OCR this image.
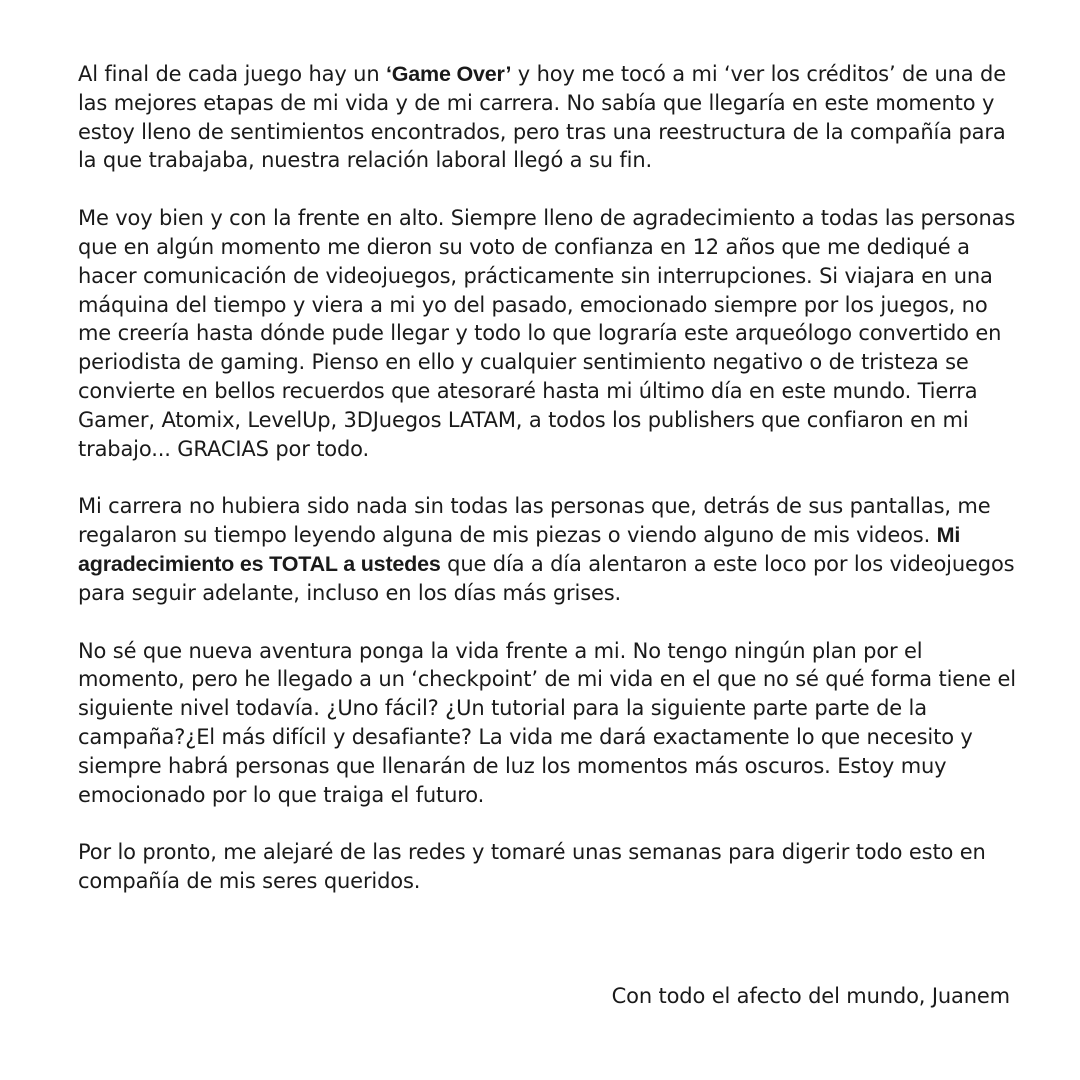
Al final de cada juego hay un ‘Game Over’ y hoy me tocó a mi ‘ver los créditos’ de una de las mejores etapas de mi vida y de mi carrera. No sabía que llegaría en este momento y estoy lleno de sentimientos encontrados, pero tras una reestructura de la compañía para la que trabajaba, nuestra relación laboral llegó a su fin.

Me voy bien y con la frente en alto. Siempre lleno de agradecimiento a todas las personas que en algún momento me dieron su voto de confianza en 12 años que me dediqué a hacer comunicación de videojuegos, prácticamente sin interrupciones. Si viajara en una máquina del tiempo y viera a mi yo del pasado, emocionado siempre por los juegos, no me creería hasta dónde pude llegar y todo lo que lograría este arqueólogo convertido en periodista de gaming. Pienso en ello y cualquier sentimiento negativo o de tristeza se convierte en bellos recuerdos que atesoraré hasta mi último día en este mundo. Tierra Gamer, Atomix, LevelUp, 3DJuegos LATAM, a todos los publishers que confiaron en mi trabajo... GRACIAS por todo.

Mi carrera no hubiera sido nada sin todas las personas que, detrás de sus pantallas, me regalaron su tiempo leyendo alguna de mis piezas o viendo alguno de mis videos. Mi agradecimiento es TOTAL a ustedes que día a día alentaron a este loco por los videojuegos para seguir adelante, incluso en los días más grises.

No sé que nueva aventura ponga la vida frente a mi. No tengo ningún plan por el momento, pero he llegado a un ‘checkpoint’ de mi vida en el que no sé qué forma tiene el siguiente nivel todavía. ¿Uno fácil? ¿Un tutorial para la siguiente parte parte de la campaña?¿El más difícil y desafiante? La vida me dará exactamente lo que necesito y siempre habrá personas que llenarán de luz los momentos más oscuros. Estoy muy emocionado por lo que traiga el futuro.

Por lo pronto, me alejaré de las redes y tomaré unas semanas para digerir todo esto en compañía de mis seres queridos.

Con todo el afecto del mundo, Juanem
